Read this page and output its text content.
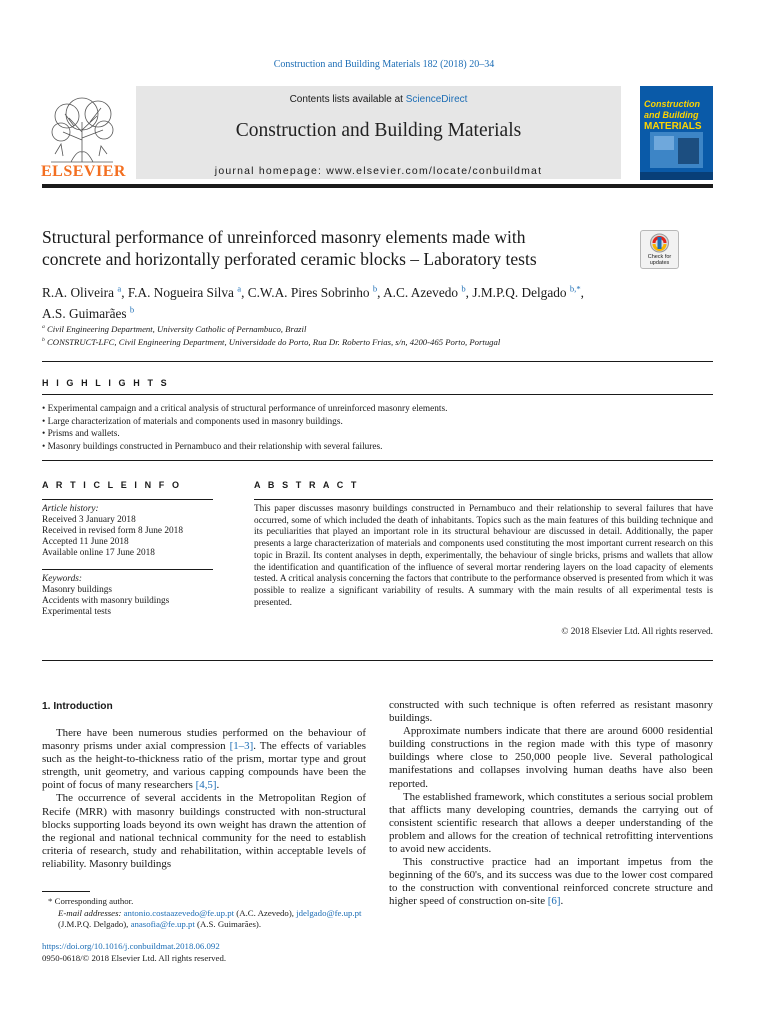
Construction and Building Materials 182 (2018) 20–34
ELSEVIER
Contents lists available at ScienceDirect
Construction and Building Materials
journal homepage: www.elsevier.com/locate/conbuildmat
Construction
and Building
MATERIALS
Structural performance of unreinforced masonry elements made with
concrete and horizontally perforated ceramic blocks – Laboratory tests	Check for
updates
R.A. Oliveira $^a$, F.A. Nogueira Silva $^a$, C.W.A. Pires Sobrinho $^b$, A.C. Azevedo $^b$, J.M.P.Q. Delgado $^{b,*}$,
A.S. Guimarães $^b$
$^a$ Civil Engineering Department, University Catholic of Pernambuco, Brazil
$^b$ CONSTRUCT-LFC, Civil Engineering Department, Universidade do Porto, Rua Dr. Roberto Frias, s/n, 4200-465 Porto, Portugal
H I G H L I G H T S
• Experimental campaign and a critical analysis of structural performance of unreinforced masonry elements.
• Large characterization of materials and components used in masonry buildings.
• Prisms and wallets.
• Masonry buildings constructed in Pernambuco and their relationship with several failures.
A R T I C L E I N F O	A B S T R A C T
Article history:
Received 3 January 2018
Received in revised form 8 June 2018
Accepted 11 June 2018
Available online 17 June 2018
Keywords:
Masonry buildings
Accidents with masonry buildings
Experimental tests
This paper discusses masonry buildings constructed in Pernambuco and their relationship to several failures that have occurred, some of which included the death of inhabitants. Topics such as the main features of this building technique and its peculiarities that played an important role in its structural behaviour are discussed in detail. Additionally, the paper presents a large characterization of materials and components used constituting the most important current research on this topic in Brazil. Its content analyses in depth, experimentally, the behaviour of single bricks, prisms and wallets that allow the identification and quantification of the influence of several mortar rendering layers on the load capacity of elements tested. A critical analysis concerning the factors that contribute to the performance observed is presented from which it was possible to realize a significant variability of results. A summary with the main results of all experimental tests is presented.
© 2018 Elsevier Ltd. All rights reserved.
1. Introduction

There have been numerous studies performed on the behaviour of masonry prisms under axial compression [1–3]. The effects of variables such as the height-to-thickness ratio of the prism, mortar type and grout strength, unit geometry, and various capping compounds have been the point of focus of many researchers [4,5].

The occurrence of several accidents in the Metropolitan Region of Recife (MRR) with masonry buildings constructed with non-structural blocks supporting loads beyond its own weight has drawn the attention of the regional and national technical community for the need to establish criteria of research, study and rehabilitation, within acceptable levels of reliability. Masonry buildings

constructed with such technique is often referred as resistant masonry buildings.

Approximate numbers indicate that there are around 6000 residential building constructions in the region made with this type of masonry buildings where close to 250,000 people live. Several pathological manifestations and collapses involving human deaths have also been reported.

The established framework, which constitutes a serious social problem that afflicts many developing countries, demands the carrying out of consistent scientific research that allows a deeper understanding of the problem and allows for the creation of technical retrofitting interventions to avoid new accidents.

This constructive practice had an important impetus from the beginning of the 60's, and its success was due to the lower cost compared to the construction with conventional reinforced concrete structure and higher speed of construction on-site [6].

* Corresponding author.
E-mail addresses: antonio.costaazevedo@fe.up.pt (A.C. Azevedo), jdelgado@fe.up.pt (J.M.P.Q. Delgado), anasofia@fe.up.pt (A.S. Guimarães).
https://doi.org/10.1016/j.conbuildmat.2018.06.092
0950-0618/© 2018 Elsevier Ltd. All rights reserved.
